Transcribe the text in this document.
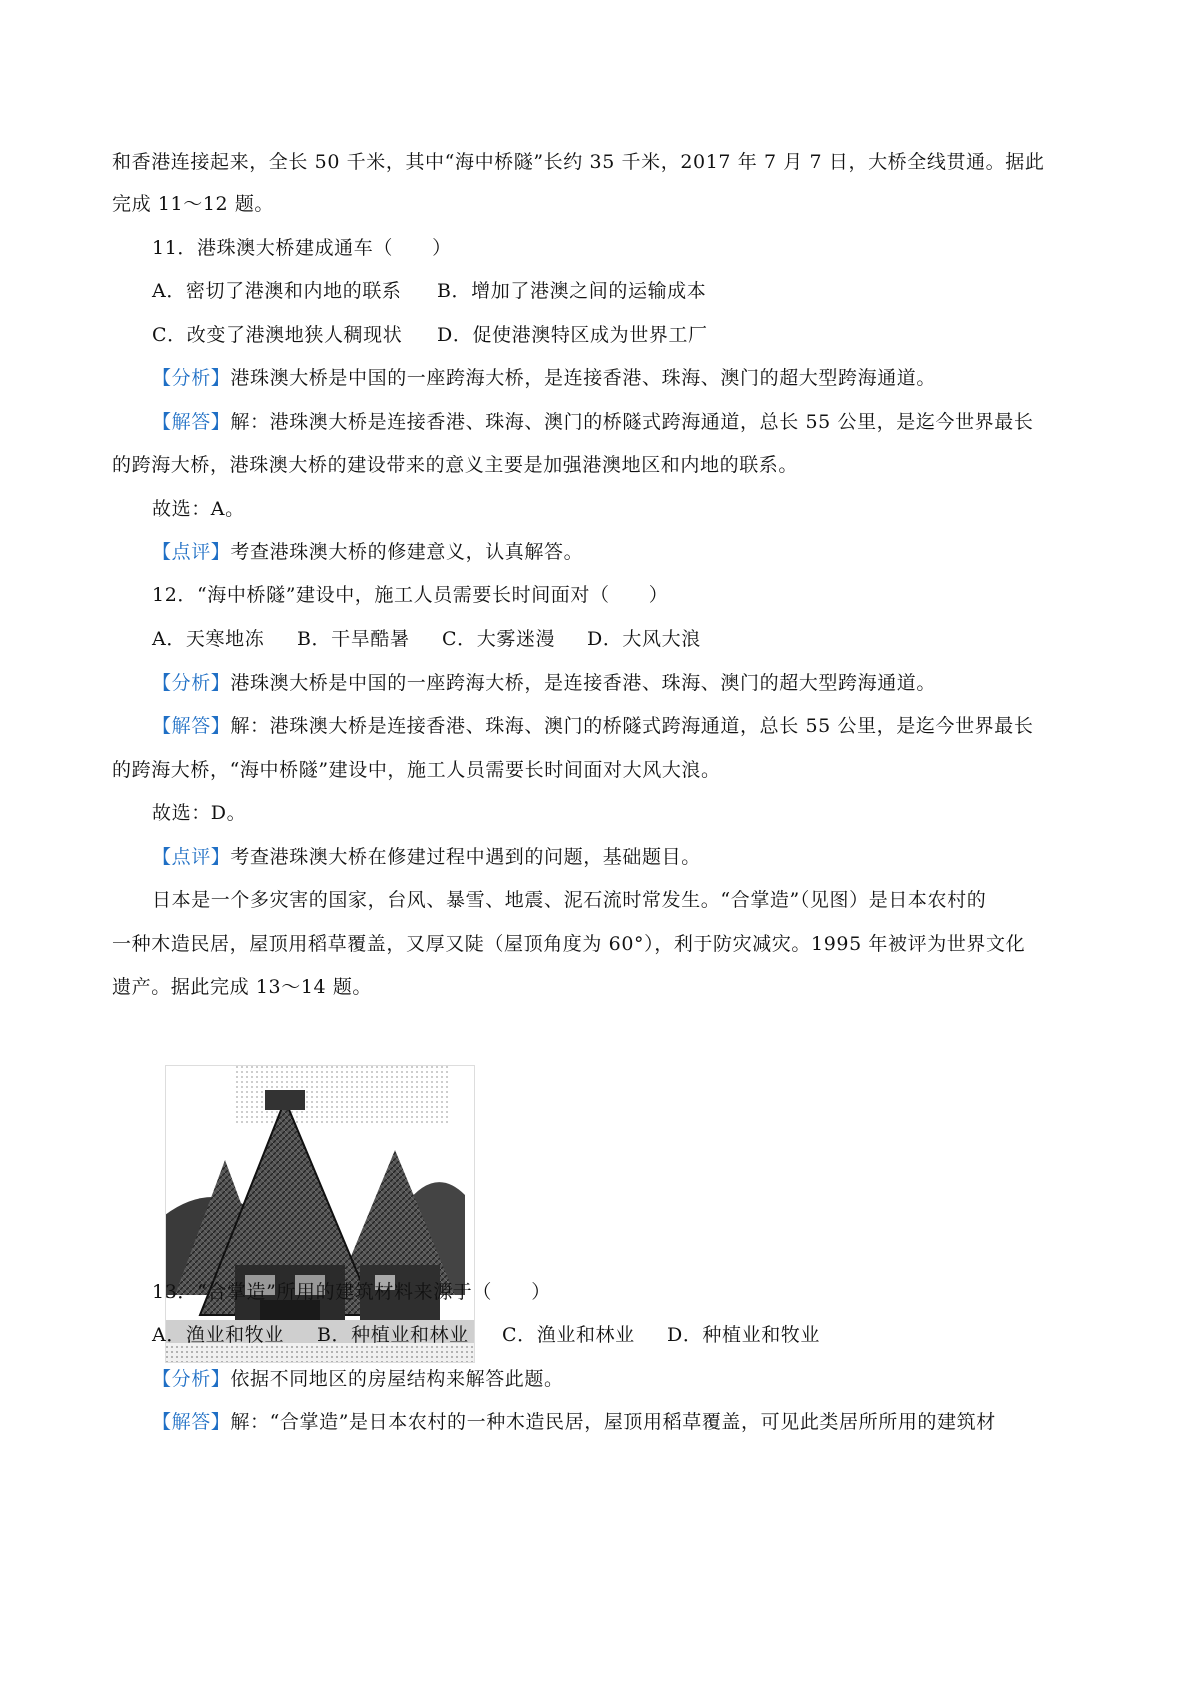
和香港连接起来，全长 50 千米，其中“海中桥隧”长约 35 千米，2017 年 7 月 7 日，大桥全线贯通。据此
完成 11～12 题。
11．港珠澳大桥建成通车（　　）
A．密切了港澳和内地的联系 B．增加了港澳之间的运输成本
C．改变了港澳地狭人稠现状 D．促使港澳特区成为世界工厂
【分析】港珠澳大桥是中国的一座跨海大桥，是连接香港、珠海、澳门的超大型跨海通道。
【解答】解：港珠澳大桥是连接香港、珠海、澳门的桥隧式跨海通道，总长 55 公里，是迄今世界最长
的跨海大桥，港珠澳大桥的建设带来的意义主要是加强港澳地区和内地的联系。
故选：A。
【点评】考查港珠澳大桥的修建意义，认真解答。
12．“海中桥隧”建设中，施工人员需要长时间面对（　　）
A．天寒地冻 B．干旱酷暑 C．大雾迷漫 D．大风大浪
【分析】港珠澳大桥是中国的一座跨海大桥，是连接香港、珠海、澳门的超大型跨海通道。
【解答】解：港珠澳大桥是连接香港、珠海、澳门的桥隧式跨海通道，总长 55 公里，是迄今世界最长
的跨海大桥，“海中桥隧”建设中，施工人员需要长时间面对大风大浪。
故选：D。
【点评】考查港珠澳大桥在修建过程中遇到的问题，基础题目。
日本是一个多灾害的国家，台风、暴雪、地震、泥石流时常发生。“合掌造”（见图）是日本农村的
一种木造民居，屋顶用稻草覆盖，又厚又陡（屋顶角度为 60°），利于防灾减灾。1995 年被评为世界文化
遗产。据此完成 13～14 题。
13．“合掌造”所用的建筑材料来源于（　　）
A．渔业和牧业 B．种植业和林业 C．渔业和林业 D．种植业和牧业
【分析】依据不同地区的房屋结构来解答此题。
【解答】解：“合掌造”是日本农村的一种木造民居，屋顶用稻草覆盖，可见此类居所所用的建筑材
